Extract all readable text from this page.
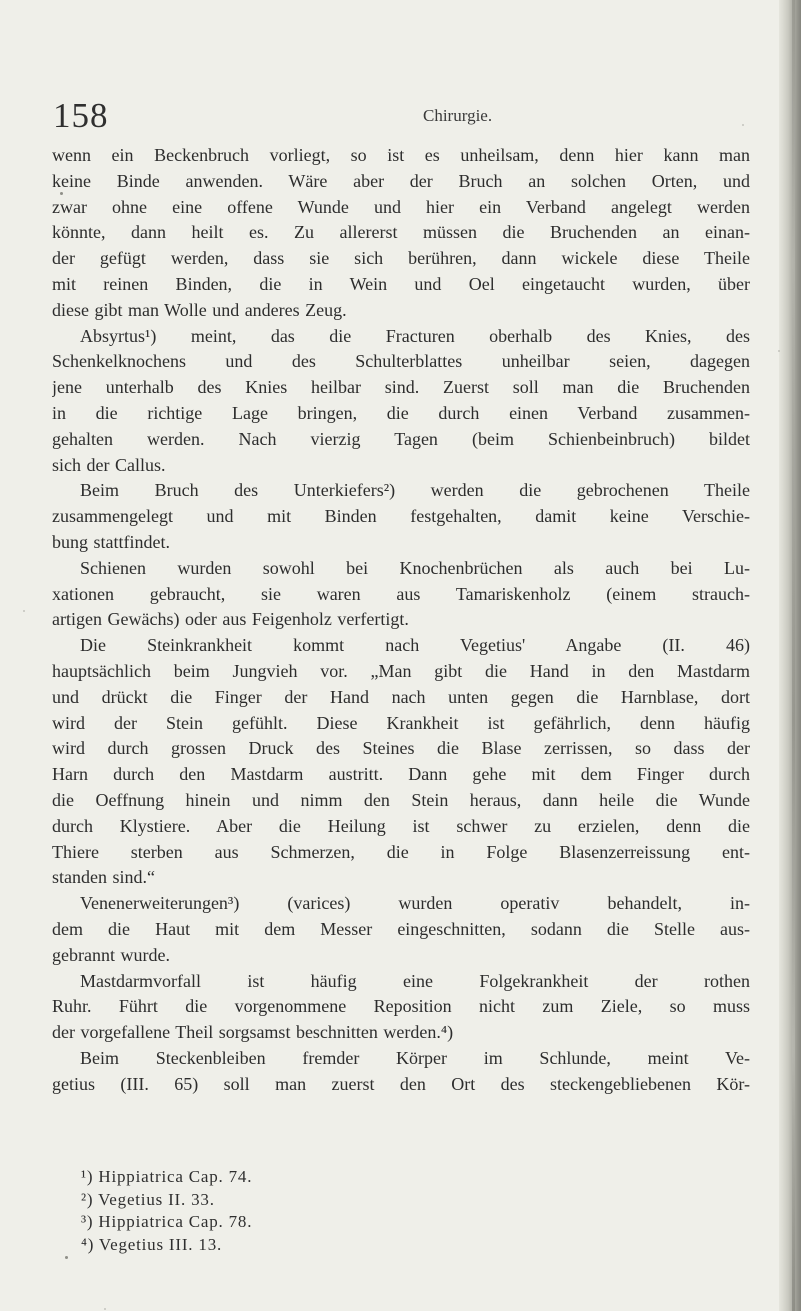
158	Chirurgie.
wenn ein Beckenbruch vorliegt, so ist es unheilsam, denn hier kann man
keine Binde anwenden. Wäre aber der Bruch an solchen Orten, und
zwar ohne eine offene Wunde und hier ein Verband angelegt werden
könnte, dann heilt es. Zu allererst müssen die Bruchenden an einan-
der gefügt werden, dass sie sich berühren, dann wickele diese Theile
mit reinen Binden, die in Wein und Oel eingetaucht wurden, über
diese gibt man Wolle und anderes Zeug.
Absyrtus¹) meint, das die Fracturen oberhalb des Knies, des
Schenkelknochens und des Schulterblattes unheilbar seien, dagegen
jene unterhalb des Knies heilbar sind. Zuerst soll man die Bruchenden
in die richtige Lage bringen, die durch einen Verband zusammen-
gehalten werden. Nach vierzig Tagen (beim Schienbeinbruch) bildet
sich der Callus.
Beim Bruch des Unterkiefers²) werden die gebrochenen Theile
zusammengelegt und mit Binden festgehalten, damit keine Verschie-
bung stattfindet.
Schienen wurden sowohl bei Knochenbrüchen als auch bei Lu-
xationen gebraucht, sie waren aus Tamariskenholz (einem strauch-
artigen Gewächs) oder aus Feigenholz verfertigt.
Die Steinkrankheit kommt nach Vegetius' Angabe (II. 46)
hauptsächlich beim Jungvieh vor. „Man gibt die Hand in den Mastdarm
und drückt die Finger der Hand nach unten gegen die Harnblase, dort
wird der Stein gefühlt. Diese Krankheit ist gefährlich, denn häufig
wird durch grossen Druck des Steines die Blase zerrissen, so dass der
Harn durch den Mastdarm austritt. Dann gehe mit dem Finger durch
die Oeffnung hinein und nimm den Stein heraus, dann heile die Wunde
durch Klystiere. Aber die Heilung ist schwer zu erzielen, denn die
Thiere sterben aus Schmerzen, die in Folge Blasenzerreissung ent-
standen sind.“
Venenerweiterungen³) (varices) wurden operativ behandelt, in-
dem die Haut mit dem Messer eingeschnitten, sodann die Stelle aus-
gebrannt wurde.
Mastdarmvorfall ist häufig eine Folgekrankheit der rothen
Ruhr. Führt die vorgenommene Reposition nicht zum Ziele, so muss
der vorgefallene Theil sorgsamst beschnitten werden.⁴)
Beim Steckenbleiben fremder Körper im Schlunde, meint Ve-
getius (III. 65) soll man zuerst den Ort des steckengebliebenen Kör-
¹) Hippiatrica Cap. 74.
²) Vegetius II. 33.
³) Hippiatrica Cap. 78.
⁴) Vegetius III. 13.
